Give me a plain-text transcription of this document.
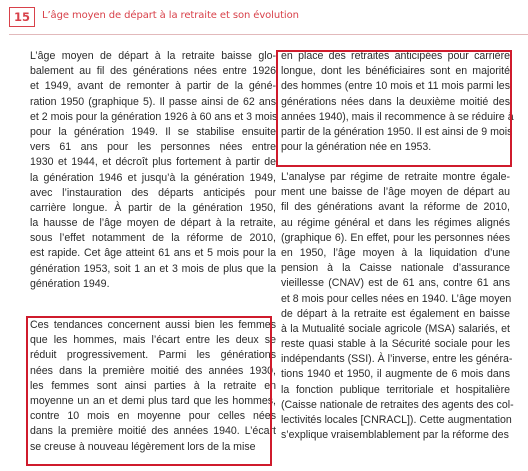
15	L’âge moyen de départ à la retraite et son évolution
L’âge moyen de départ à la retraite baisse glo-
balement au fil des générations nées entre 1926
et 1949, avant de remonter à partir de la géné-
ration 1950 (graphique 5). Il passe ainsi de 62 ans
et 2 mois pour la génération 1926 à 60 ans et 3 mois
pour la génération 1949. Il se stabilise ensuite
vers 61 ans pour les personnes nées entre
1930 et 1944, et décroît plus fortement à partir de
la génération 1946 et jusqu’à la génération 1949,
avec l’instauration des départs anticipés pour
carrière longue. À partir de la génération 1950,
la hausse de l’âge moyen de départ à la retraite,
sous l’effet notamment de la réforme de 2010,
est rapide. Cet âge atteint 61 ans et 5 mois pour la
génération 1953, soit 1 an et 3 mois de plus que la
génération 1949.
Ces tendances concernent aussi bien les femmes
que les hommes, mais l’écart entre les deux se
réduit progressivement. Parmi les générations
nées dans la première moitié des années 1930,
les femmes sont ainsi parties à la retraite en
moyenne un an et demi plus tard que les hommes,
contre 10 mois en moyenne pour celles nées
dans la première moitié des années 1940. L’écart
se creuse à nouveau légèrement lors de la mise
en place des retraites anticipées pour carrière
longue, dont les bénéficiaires sont en majorité
des hommes (entre 10 mois et 11 mois parmi les
générations nées dans la deuxième moitié des
années 1940), mais il recommence à se réduire à
partir de la génération 1950. Il est ainsi de 9 mois
pour la génération née en 1953.
L’analyse par régime de retraite montre égale-
ment une baisse de l’âge moyen de départ au
fil des générations avant la réforme de 2010,
au régime général et dans les régimes alignés
(graphique 6). En effet, pour les personnes nées
en 1950, l’âge moyen à la liquidation d’une
pension à la Caisse nationale d’assurance
vieillesse (CNAV) est de 61 ans, contre 61 ans
et 8 mois pour celles nées en 1940. L’âge moyen
de départ à la retraite est également en baisse
à la Mutualité sociale agricole (MSA) salariés, et
reste quasi stable à la Sécurité sociale pour les
indépendants (SSI). À l’inverse, entre les généra-
tions 1940 et 1950, il augmente de 6 mois dans
la fonction publique territoriale et hospitalière
(Caisse nationale de retraites des agents des col-
lectivités locales [CNRACL]). Cette augmentation
s’explique vraisemblablement par la réforme des
